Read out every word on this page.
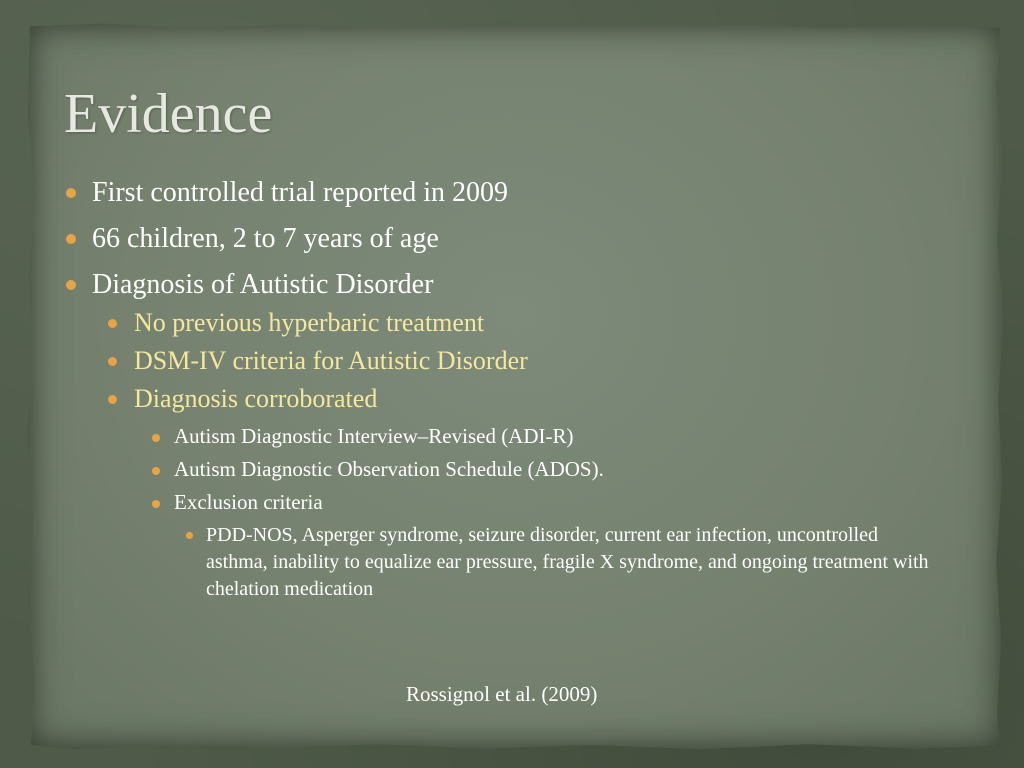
Evidence
First controlled trial reported in 2009
66 children, 2 to 7 years of age
Diagnosis of Autistic Disorder
No previous hyperbaric treatment
DSM-IV criteria for Autistic Disorder
Diagnosis corroborated
Autism Diagnostic Interview–Revised (ADI-R)
Autism Diagnostic Observation Schedule (ADOS).
Exclusion criteria
PDD-NOS, Asperger syndrome, seizure disorder, current ear infection, uncontrolled asthma, inability to equalize ear pressure, fragile X syndrome, and ongoing treatment with chelation medication
Rossignol et al. (2009)
